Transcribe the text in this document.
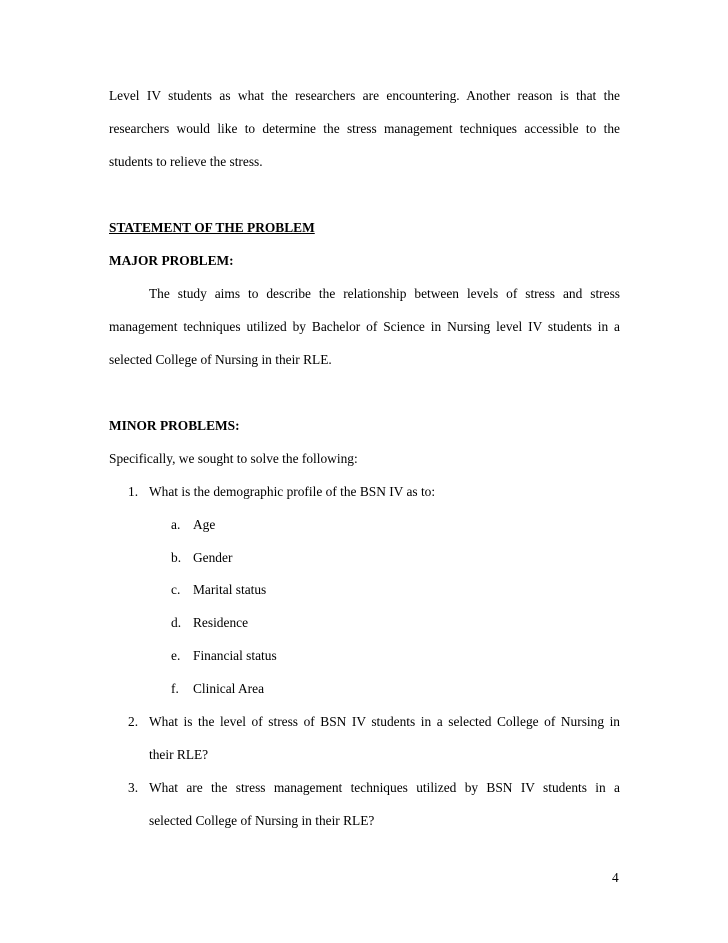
Level IV students as what the researchers are encountering. Another reason is that the
researchers would like to determine the stress management techniques accessible to the
students to relieve the stress.
STATEMENT OF THE PROBLEM
MAJOR PROBLEM:
The study aims to describe the relationship between levels of stress and stress
management techniques utilized by Bachelor of Science in Nursing level IV students in a
selected College of Nursing in their RLE.
MINOR PROBLEMS:
Specifically, we sought to solve the following:
1. What is the demographic profile of the BSN IV as to:
a. Age
b. Gender
c. Marital status
d. Residence
e. Financial status
f. Clinical Area
2. What is the level of stress of BSN IV students in a selected College of Nursing in
their RLE?
3. What are the stress management techniques utilized by BSN IV students in a
selected College of Nursing in their RLE?
4
